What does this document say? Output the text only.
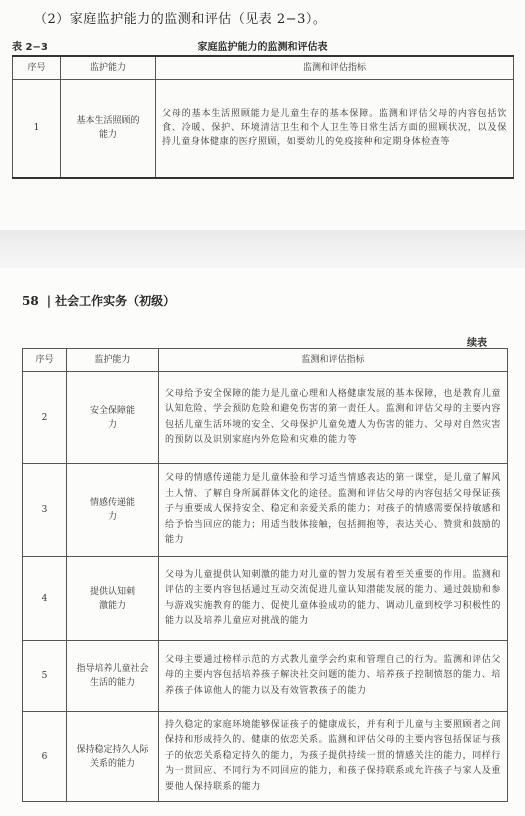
（2）家庭监护能力的监测和评估（见表 2−3）。
表 2−3	家庭监护能力的监测和评估表
序号	监护能力	监测和评估指标
1	基本生活照顾的能力	父母的基本生活照顾能力是儿童生存的基本保障。监测和评估父母的内容包括饮食、冷暖、保护、环境清洁卫生和个人卫生等日常生活方面的照顾状况，以及保持儿童身体健康的医疗照顾，如要幼儿的免疫接种和定期身体检查等
58 | 社会工作实务（初级）
续表
序号	监护能力	监测和评估指标
2	安全保障能力	父母给予安全保障的能力是儿童心理和人格健康发展的基本保障，也是教育儿童认知危险、学会预防危险和避免伤害的第一责任人。监测和评估父母的主要内容包括儿童生活环境的安全、父母保护儿童免遭人为伤害的能力、父母对自然灾害的预防以及识别家庭内外危险和灾难的能力等
3	情感传递能力	父母的情感传递能力是儿童体验和学习适当情感表达的第一课堂，是儿童了解风土人情、了解自身所属群体文化的途径。监测和评估父母的内容包括父母保证孩子与重要成人保持安全、稳定和亲爱关系的能力；对孩子的情感需要保持敏感和给予恰当回应的能力；用适当肢体接触，包括拥抱等，表达关心、赞赏和鼓励的能力
4	提供认知刺激能力	父母为儿童提供认知刺激的能力对儿童的智力发展有着至关重要的作用。监测和评估的主要内容包括通过互动交流促进儿童认知潜能发展的能力、通过鼓励和参与游戏实施教育的能力、促使儿童体验成功的能力、调动儿童到校学习积极性的能力以及培养儿童应对挑战的能力
5	指导培养儿童社会生活的能力	父母主要通过榜样示范的方式教儿童学会约束和管理自己的行为。监测和评估父母的主要内容包括培养孩子解决社交问题的能力、培养孩子控制愤怒的能力、培养孩子体谅他人的能力以及有效管教孩子的能力
6	保持稳定持久人际关系的能力	持久稳定的家庭环境能够保证孩子的健康成长，并有利于儿童与主要照顾者之间保持和形成持久的、健康的依恋关系。监测和评估父母的主要内容包括保证与孩子的依恋关系稳定持久的能力，为孩子提供持续一贯的情感关注的能力，同样行为一贯回应、不同行为不同回应的能力，和孩子保持联系或允许孩子与家人及重要他人保持联系的能力
